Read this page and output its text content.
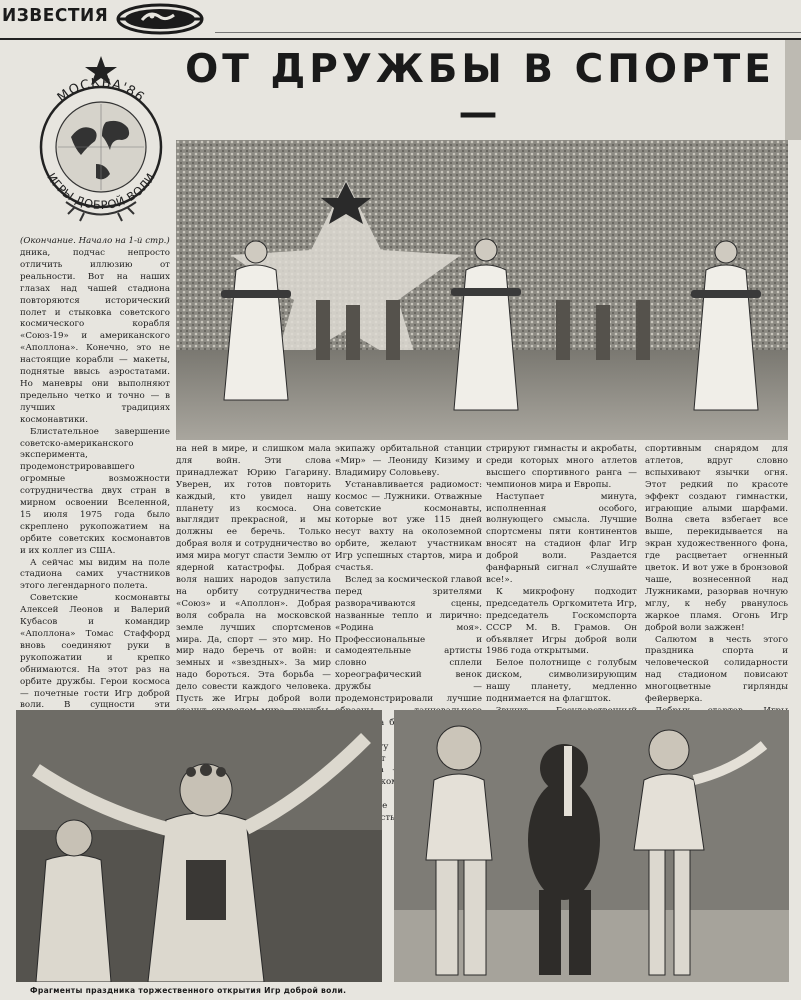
ИЗВЕСТИЯ
ОТ ДРУЖБЫ В СПОРТЕ—
МОСКВА'86
ИГРЫ ДОБРОЙ ВОЛИ
(Окончание. Начало на 1-й стр.)

дника, подчас непросто отличить иллюзию от реальности. Вот на наших глазах над чашей стадиона повторяются исторический полет и стыковка советского космического корабля «Союз-19» и американского «Аполлона». Конечно, это не настоящие корабли — макеты, поднятые ввысь аэростатами. Но маневры они выполняют предельно четко и точно — в лучших традициях космонавтики.

Блистательное завершение советско-американского эксперимента, продемонстрировавшего огромные возможности сотрудничества двух стран в мирном освоении Вселенной, 15 июля 1975 года было скреплено рукопожатием на орбите советских космонавтов и их коллег из США.

А сейчас мы видим на поле стадиона самих участников этого легендарного полета.

Советские космонавты Алексей Леонов и Валерий Кубасов и командир «Аполлона» Томас Стаффорд вновь соединяют руки в рукопожатии и крепко обнимаются. На этот раз на орбите дружбы. Герои космоса — почетные гости Игр доброй воли. В сущности эти

на ней в мире, и слишком мала для войн. Эти слова принадлежат Юрию Гагарину. Уверен, их готов повторить каждый, кто увидел нашу планету из космоса. Она выглядит прекрасной, и мы должны ее беречь. Только добрая воля и сотрудничество во имя мира могут спасти Землю от ядерной катастрофы. Добрая воля наших народов запустила на орбиту сотрудничества «Союз» и «Аполлон». Добрая воля собрала на московской земле лучших спортсменов мира. Да, спорт — это мир. Но мир надо беречь от войн: и земных и «звездных». За мир надо бороться. Эта борьба — дело совести каждого человека. Пусть же Игры доброй воли

экипажу орбитальной станции «Мир» — Леониду Кизиму и Владимиру Соловьеву.

Устанавливается радиомост: космос — Лужники. Отважные советские космонавты, которые вот уже 115 дней несут вахту на околоземной орбите, желают участникам Игр успешных стартов, мира и счастья.

Вслед за космической главой перед зрителями разворачиваются сцены, названные тепло и лирично: «Родина моя». Профессиональные и самодеятельные артисты словно сплели хореографический венок дружбы — продемонстрировали лучшие

стрируют гимнасты и акробаты, среди которых много атлетов высшего спортивного ранга — чемпионов мира и Европы.

Наступает минута, исполненная особого, волнующего смысла. Лучшие спортсмены пяти континентов вносят на стадион флаг Игр доброй воли. Раздается фанфарный сигнал «Слушайте все!».

К микрофону подходит председатель Оргкомитета Игр, председатель Госкомспорта СССР М. В. Грамов. Он объявляет Игры доброй воли 1986 года открытыми.

Белое полотнище с голубым диском, символизирующим нашу планету, медленно поднимается на флагшток.

спортивным снарядом для атлетов, вдруг словно вспыхивают язычки огня. Этот редкий по красоте эффект создают гимнастки, играющие алыми шарфами. Волна света взбегает все выше, перекидывается на экран художественного фона, где расцветает огненный цветок. И вот уже в бронзовой чаше, вознесенной над Лужниками, разорвав ночную мглу, к небу рванулось жаркое пламя. Огонь Игр доброй воли зажжен!

Салютом в честь этого праздника спорта и человеческой солидарности над стадионом повисают многоцветные гирлянды фейерверка.

Фрагменты праздника торжественного открытия Игр доброй воли.
